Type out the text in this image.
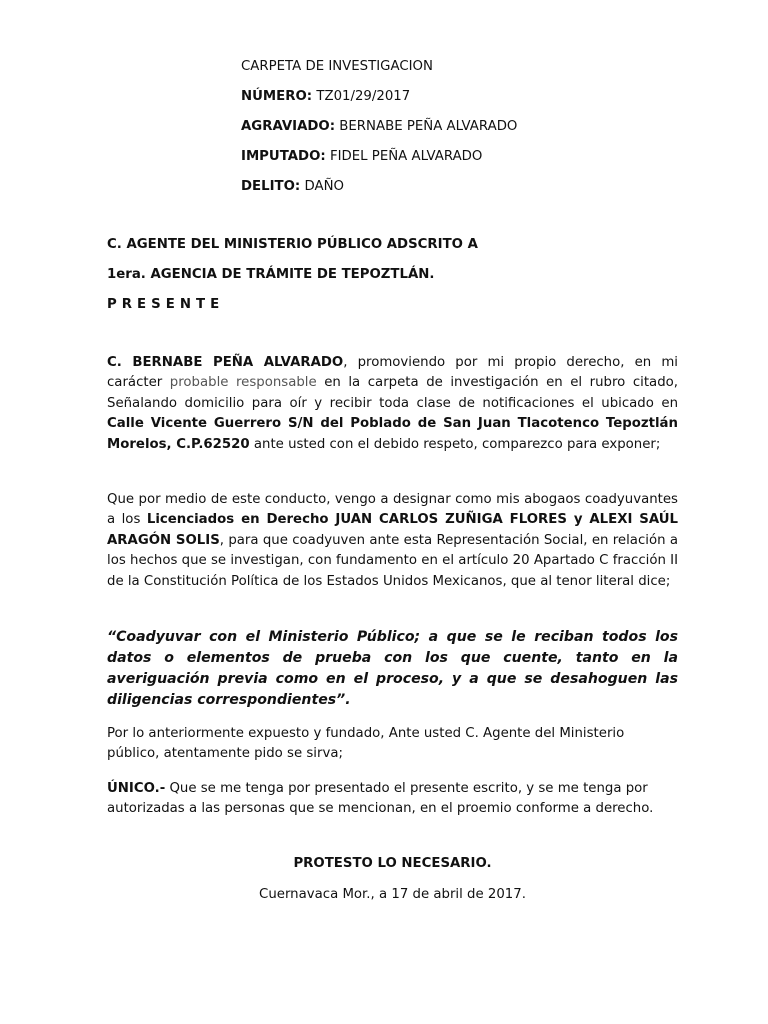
CARPETA DE INVESTIGACION
NÚMERO: TZ01/29/2017
AGRAVIADO: BERNABE PEÑA ALVARADO
IMPUTADO: FIDEL PEÑA ALVARADO
DELITO: DAÑO
C. AGENTE DEL MINISTERIO PÚBLICO ADSCRITO A
1era. AGENCIA DE TRÁMITE DE TEPOZTLÁN.
P R E S E N T E

C. BERNABE PEÑA ALVARADO, promoviendo por mi propio derecho, en mi carácter probable responsable en la carpeta de investigación en el rubro citado, Señalando domicilio para oír y recibir toda clase de notificaciones el ubicado en Calle Vicente Guerrero S/N del Poblado de San Juan Tlacotenco Tepoztlán Morelos, C.P.62520 ante usted con el debido respeto, comparezco para exponer;

Que por medio de este conducto, vengo a designar como mis abogaos coadyuvantes a los Licenciados en Derecho JUAN CARLOS ZUÑIGA FLORES y ALEXI SAÚL ARAGÓN SOLIS, para que coadyuven ante esta Representación Social, en relación a los hechos que se investigan, con fundamento en el artículo 20 Apartado C fracción II de la Constitución Política de los Estados Unidos Mexicanos, que al tenor literal dice;

“Coadyuvar con el Ministerio Público; a que se le reciban todos los datos o elementos de prueba con los que cuente, tanto en la averiguación previa como en el proceso, y a que se desahoguen las diligencias correspondientes”.

Por lo anteriormente expuesto y fundado, Ante usted C. Agente del Ministerio público, atentamente pido se sirva;

ÚNICO.- Que se me tenga por presentado el presente escrito, y se me tenga por autorizadas a las personas que se mencionan, en el proemio conforme a derecho.

PROTESTO LO NECESARIO.
Cuernavaca Mor., a 17 de abril de 2017.
